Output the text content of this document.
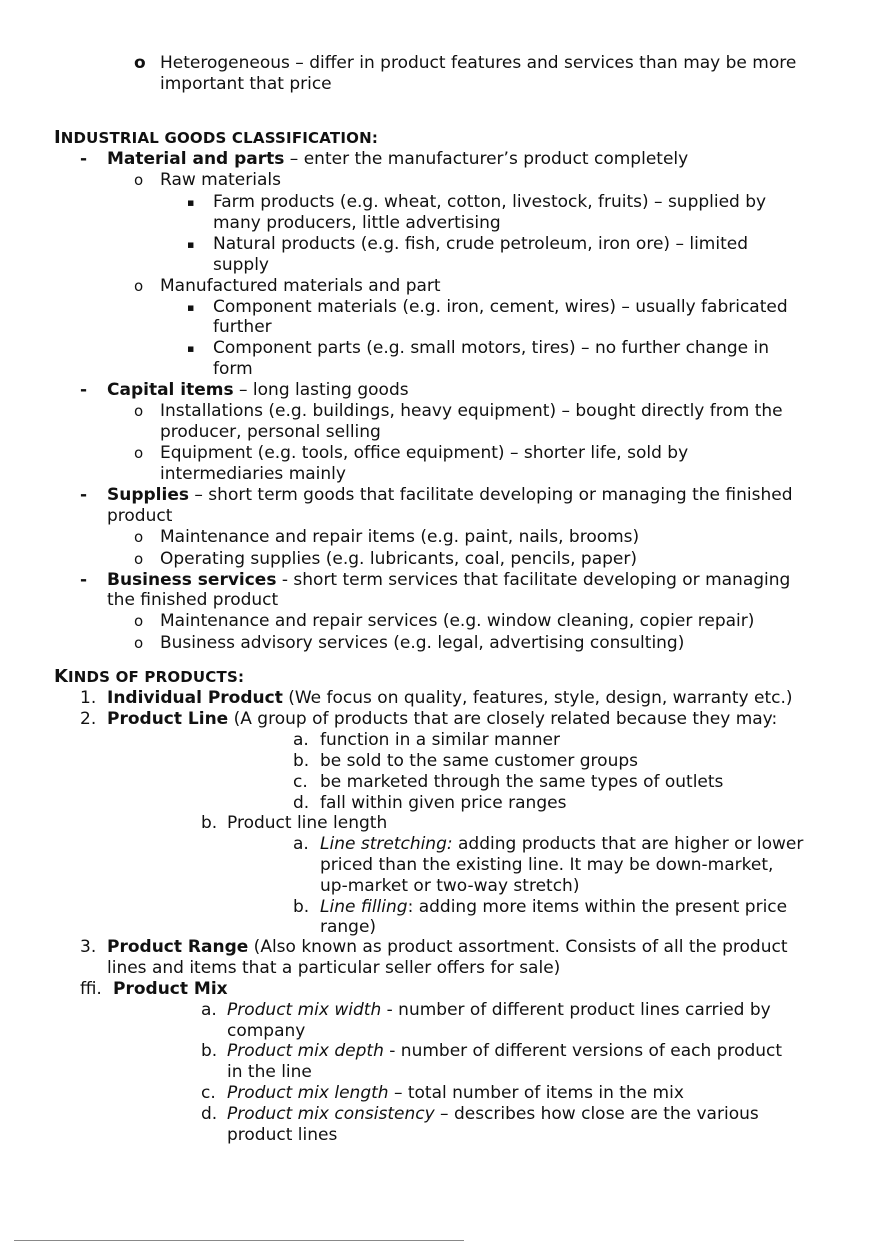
o Heterogeneous – differ in product features and services than may be more
important that price
INDUSTRIAL GOODS CLASSIFICATION:
- Material and parts – enter the manufacturer’s product completely
o Raw materials
▪ Farm products (e.g. wheat, cotton, livestock, fruits) – supplied by
many producers, little advertising
▪ Natural products (e.g. fish, crude petroleum, iron ore) – limited
supply
o Manufactured materials and part
▪ Component materials (e.g. iron, cement, wires) – usually fabricated
further
▪ Component parts (e.g. small motors, tires) – no further change in
form
- Capital items – long lasting goods
o Installations (e.g. buildings, heavy equipment) – bought directly from the
producer, personal selling
o Equipment (e.g. tools, ofﬁce equipment) – shorter life, sold by
intermediaries mainly
- Supplies – short term goods that facilitate developing or managing the finished
product
o Maintenance and repair items (e.g. paint, nails, brooms)
o Operating supplies (e.g. lubricants, coal, pencils, paper)
- Business services - short term services that facilitate developing or managing
the finished product
o Maintenance and repair services (e.g. window cleaning, copier repair)
o Business advisory services (e.g. legal, advertising consulting)
KINDS OF PRODUCTS:
1. Individual Product (We focus on quality, features, style, design, warranty etc.)
2. Product Line (A group of products that are closely related because they may:
a. function in a similar manner
b. be sold to the same customer groups
c. be marketed through the same types of outlets
d. fall within given price ranges
b. Product line length
a. Line stretching: adding products that are higher or lower
priced than the existing line. It may be down-market,
up-market or two-way stretch)
b. Line ﬁlling: adding more items within the present price
range)
3. Product Range (Also known as product assortment. Consists of all the product
lines and items that a particular seller offers for sale)
ﬃ. Product Mix
a. Product mix width - number of different product lines carried by
company
b. Product mix depth - number of different versions of each product
in the line
c. Product mix length – total number of items in the mix
d. Product mix consistency – describes how close are the various
product lines
